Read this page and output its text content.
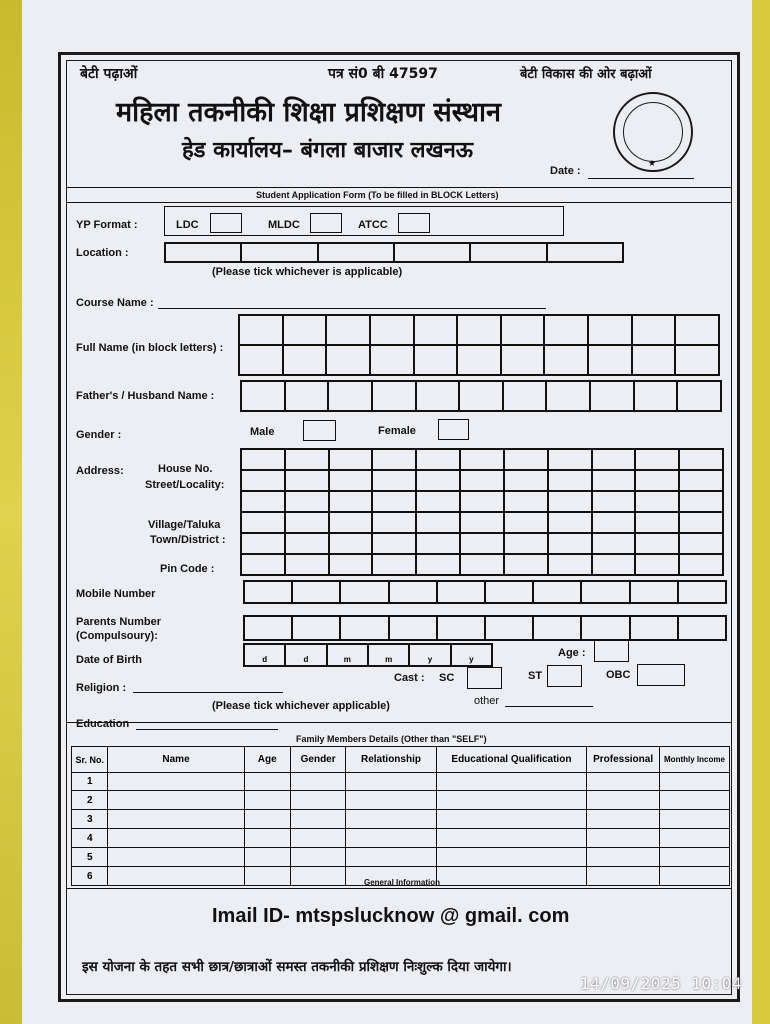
बेटी पढ़ाओं	पत्र सं0 बी 47597	बेटी विकास की ओर बढ़ाओं
महिला तकनीकी शिक्षा प्रशिक्षण संस्थान
हेड कार्यालय– बंगला बाजार लखनऊ	★
Date :
Student Application Form (To be filled in BLOCK Letters)
YP Format :	LDC	MLDC	ATCC
Location :
(Please tick whichever is applicable)
Course Name :
Full Name (in block letters) :
Father's / Husband Name :
Gender :	Male	Female
Address:	House No.
Street/Locality:
Village/Taluka
Town/District :
Pin Code :
Mobile Number
Parents Number
(Compulsoury):
Date of Birth	d	d	m	m	y	y
Age :
Religion :
Cast : SC	ST	OBC
other
(Please tick whichever applicable)
Education
Family Members Details (Other than "SELF")
Sr. No.	Name	Age	Gender	Relationship	Educational Qualification	Professional	Monthly Income
1							
2							
3							
4							
5							
6							
General Information
Imail ID- mtspslucknow @ gmail. com
इस योजना के तहत सभी छात्र/छात्राओं समस्त तकनीकी प्रशिक्षण निःशुल्क दिया जायेगा।
14/09/2025 10:04
